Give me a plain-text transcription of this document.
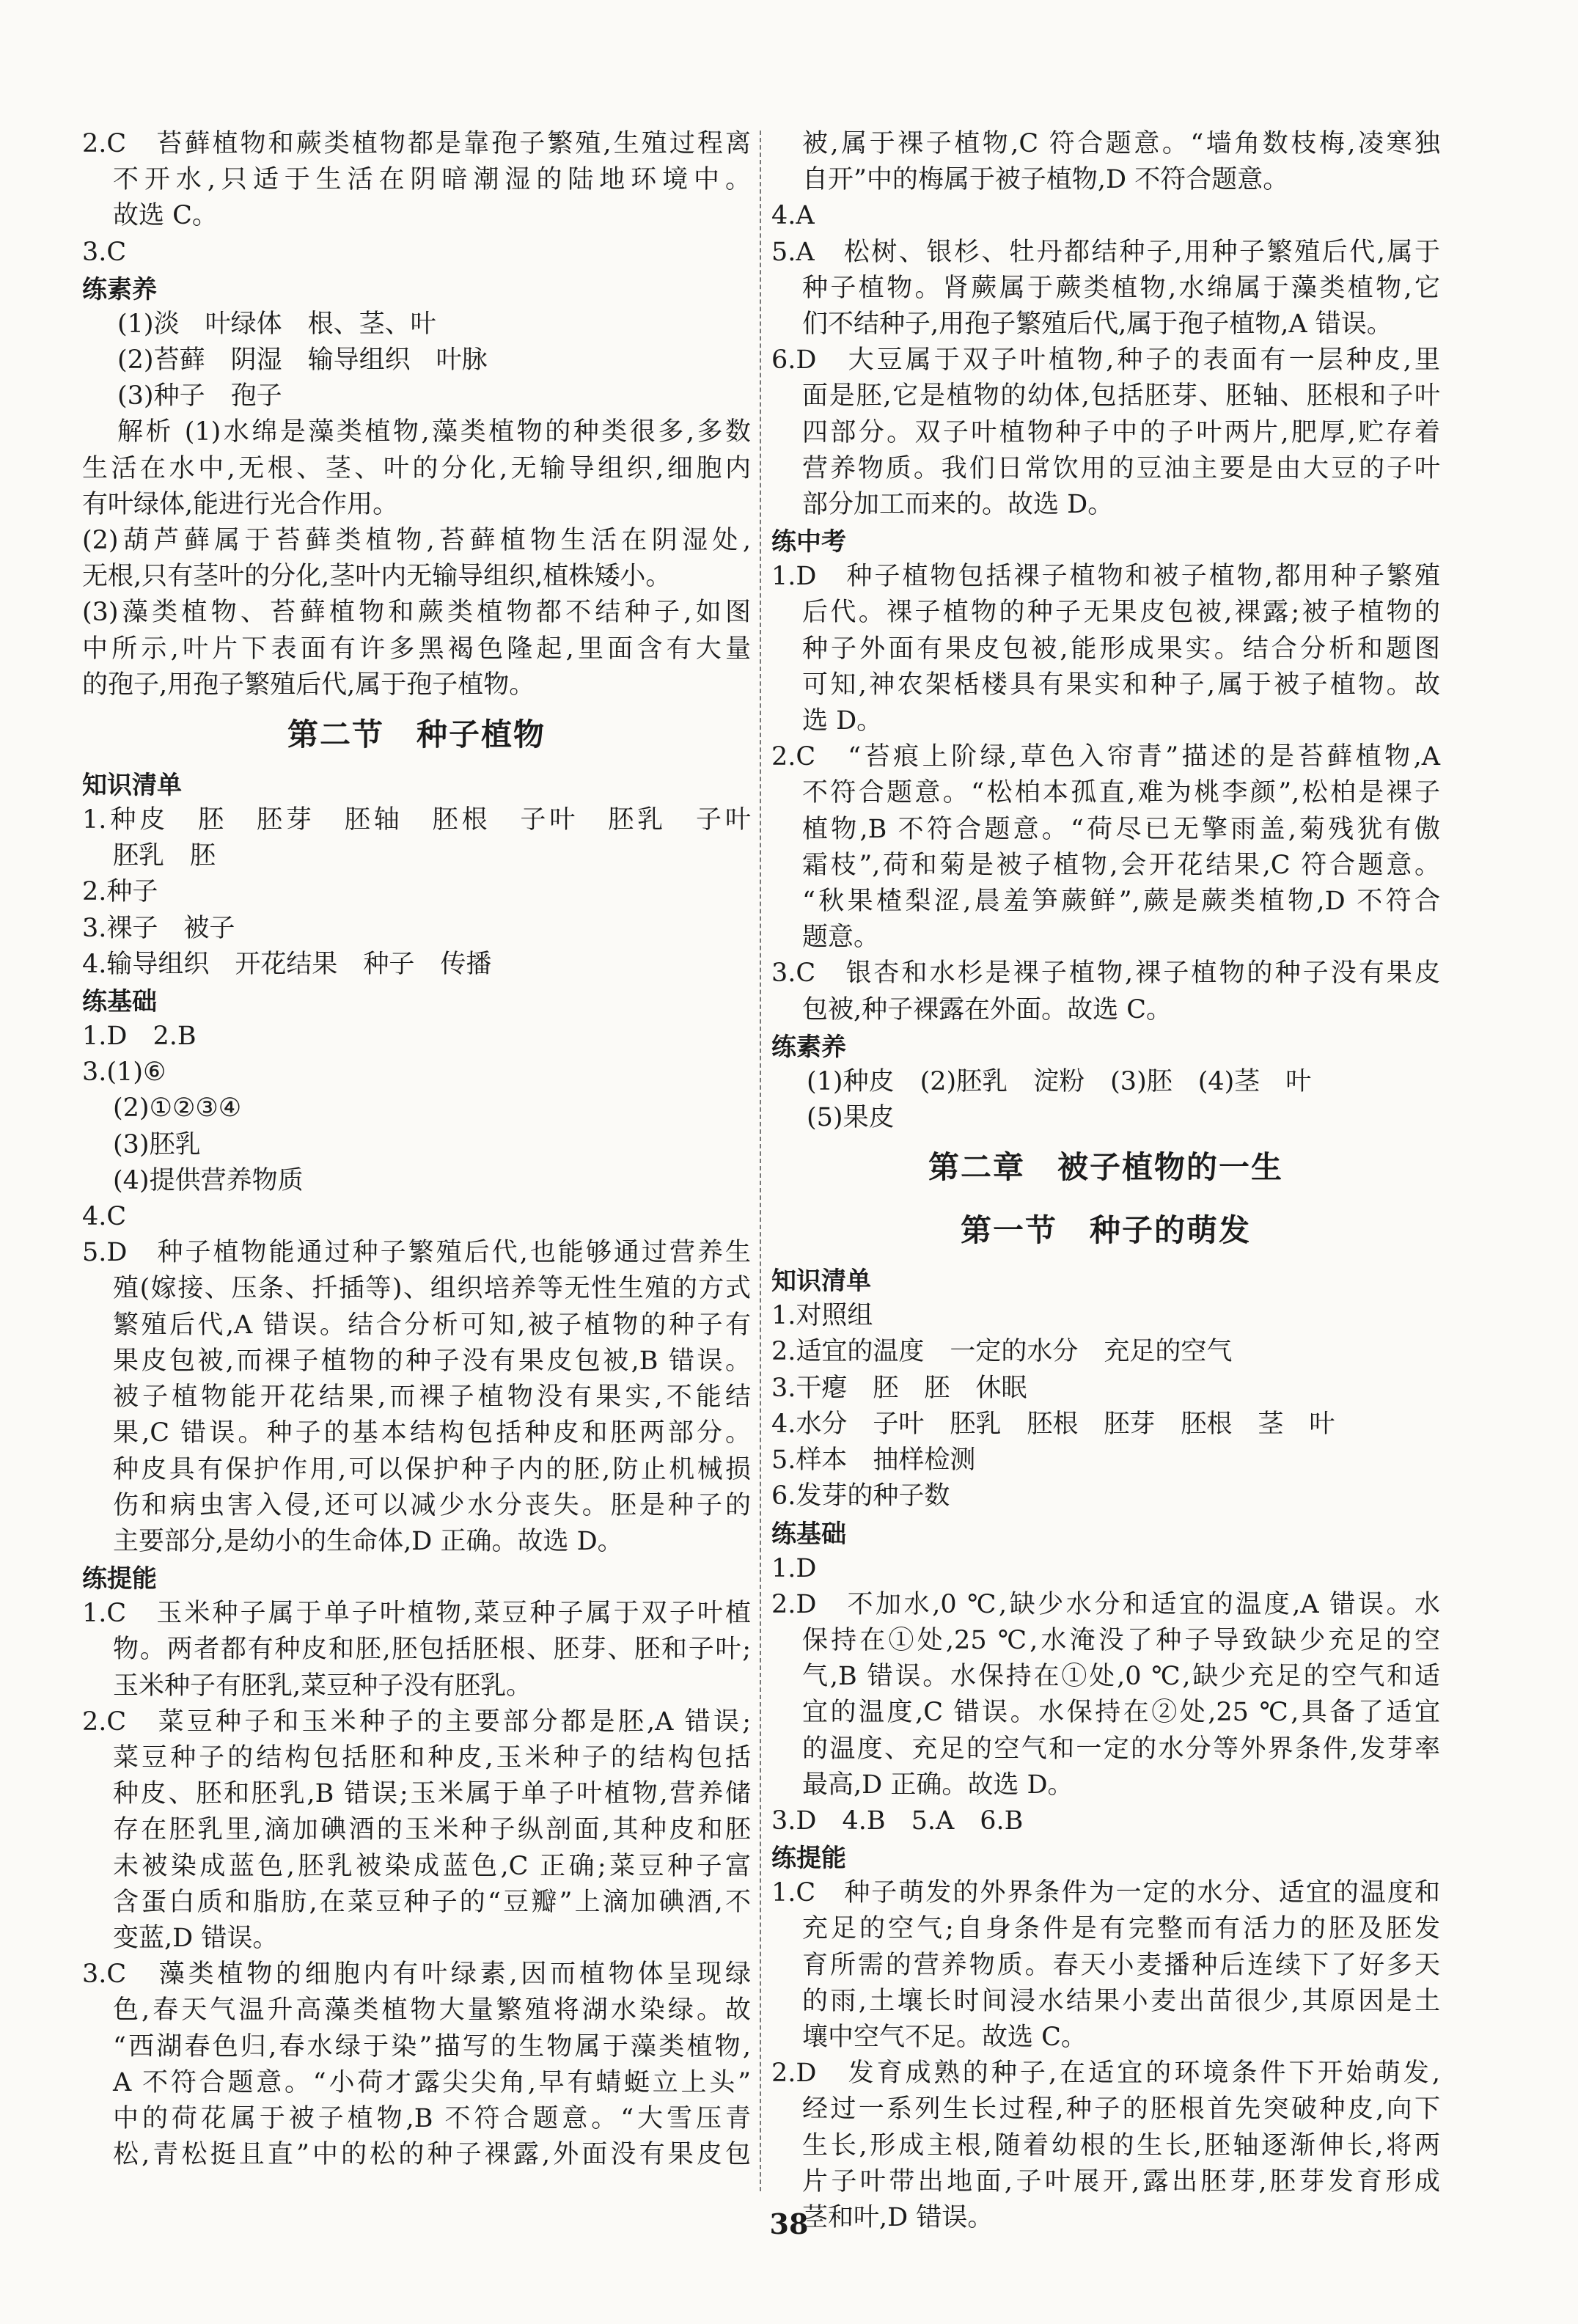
2.C　苔藓植物和蕨类植物都是靠孢子繁殖,生殖过程离
不开水,只适于生活在阴暗潮湿的陆地环境中。
故选 C。
3.C
练素养
(1)淡　叶绿体　根、茎、叶
(2)苔藓　阴湿　输导组织　叶脉
(3)种子　孢子
解析 (1)水绵是藻类植物,藻类植物的种类很多,多数
生活在水中,无根、茎、叶的分化,无输导组织,细胞内
有叶绿体,能进行光合作用。
(2)葫芦藓属于苔藓类植物,苔藓植物生活在阴湿处,
无根,只有茎叶的分化,茎叶内无输导组织,植株矮小。
(3)藻类植物、苔藓植物和蕨类植物都不结种子,如图
中所示,叶片下表面有许多黑褐色隆起,里面含有大量
的孢子,用孢子繁殖后代,属于孢子植物。
第二节　种子植物
知识清单
1.种皮　胚　胚芽　胚轴　胚根　子叶　胚乳　子叶
胚乳　胚
2.种子
3.裸子　被子
4.输导组织　开花结果　种子　传播
练基础
1.D　2.B
3.(1)⑥
(2)①②③④
(3)胚乳
(4)提供营养物质
4.C
5.D　种子植物能通过种子繁殖后代,也能够通过营养生
殖(嫁接、压条、扦插等)、组织培养等无性生殖的方式
繁殖后代,A 错误。结合分析可知,被子植物的种子有
果皮包被,而裸子植物的种子没有果皮包被,B 错误。
被子植物能开花结果,而裸子植物没有果实,不能结
果,C 错误。种子的基本结构包括种皮和胚两部分。
种皮具有保护作用,可以保护种子内的胚,防止机械损
伤和病虫害入侵,还可以减少水分丧失。胚是种子的
主要部分,是幼小的生命体,D 正确。故选 D。
练提能
1.C　玉米种子属于单子叶植物,菜豆种子属于双子叶植
物。两者都有种皮和胚,胚包括胚根、胚芽、胚和子叶;
玉米种子有胚乳,菜豆种子没有胚乳。
2.C　菜豆种子和玉米种子的主要部分都是胚,A 错误;
菜豆种子的结构包括胚和种皮,玉米种子的结构包括
种皮、胚和胚乳,B 错误;玉米属于单子叶植物,营养储
存在胚乳里,滴加碘酒的玉米种子纵剖面,其种皮和胚
未被染成蓝色,胚乳被染成蓝色,C 正确;菜豆种子富
含蛋白质和脂肪,在菜豆种子的“豆瓣”上滴加碘酒,不
变蓝,D 错误。
3.C　藻类植物的细胞内有叶绿素,因而植物体呈现绿
色,春天气温升高藻类植物大量繁殖将湖水染绿。故
“西湖春色归,春水绿于染”描写的生物属于藻类植物,
A 不符合题意。“小荷才露尖尖角,早有蜻蜓立上头”
中的荷花属于被子植物,B 不符合题意。“大雪压青
松,青松挺且直”中的松的种子裸露,外面没有果皮包
被,属于裸子植物,C 符合题意。“墙角数枝梅,凌寒独
自开”中的梅属于被子植物,D 不符合题意。
4.A
5.A　松树、银杉、牡丹都结种子,用种子繁殖后代,属于
种子植物。肾蕨属于蕨类植物,水绵属于藻类植物,它
们不结种子,用孢子繁殖后代,属于孢子植物,A 错误。
6.D　大豆属于双子叶植物,种子的表面有一层种皮,里
面是胚,它是植物的幼体,包括胚芽、胚轴、胚根和子叶
四部分。双子叶植物种子中的子叶两片,肥厚,贮存着
营养物质。我们日常饮用的豆油主要是由大豆的子叶
部分加工而来的。故选 D。
练中考
1.D　种子植物包括裸子植物和被子植物,都用种子繁殖
后代。裸子植物的种子无果皮包被,裸露;被子植物的
种子外面有果皮包被,能形成果实。结合分析和题图
可知,神农架栝楼具有果实和种子,属于被子植物。故
选 D。
2.C　“苔痕上阶绿,草色入帘青”描述的是苔藓植物,A
不符合题意。“松柏本孤直,难为桃李颜”,松柏是裸子
植物,B 不符合题意。“荷尽已无擎雨盖,菊残犹有傲
霜枝”,荷和菊是被子植物,会开花结果,C 符合题意。
“秋果楂梨涩,晨羞笋蕨鲜”,蕨是蕨类植物,D 不符合
题意。
3.C　银杏和水杉是裸子植物,裸子植物的种子没有果皮
包被,种子裸露在外面。故选 C。
练素养
(1)种皮　(2)胚乳　淀粉　(3)胚　(4)茎　叶
(5)果皮
第二章　被子植物的一生
第一节　种子的萌发
知识清单
1.对照组
2.适宜的温度　一定的水分　充足的空气
3.干瘪　胚　胚　休眠
4.水分　子叶　胚乳　胚根　胚芽　胚根　茎　叶
5.样本　抽样检测
6.发芽的种子数
练基础
1.D
2.D　不加水,0 ℃,缺少水分和适宜的温度,A 错误。水
保持在①处,25 ℃,水淹没了种子导致缺少充足的空
气,B 错误。水保持在①处,0 ℃,缺少充足的空气和适
宜的温度,C 错误。水保持在②处,25 ℃,具备了适宜
的温度、充足的空气和一定的水分等外界条件,发芽率
最高,D 正确。故选 D。
3.D　4.B　5.A　6.B
练提能
1.C　种子萌发的外界条件为一定的水分、适宜的温度和
充足的空气;自身条件是有完整而有活力的胚及胚发
育所需的营养物质。春天小麦播种后连续下了好多天
的雨,土壤长时间浸水结果小麦出苗很少,其原因是土
壤中空气不足。故选 C。
2.D　发育成熟的种子,在适宜的环境条件下开始萌发,
经过一系列生长过程,种子的胚根首先突破种皮,向下
生长,形成主根,随着幼根的生长,胚轴逐渐伸长,将两
片子叶带出地面,子叶展开,露出胚芽,胚芽发育形成
茎和叶,D 错误。
38
